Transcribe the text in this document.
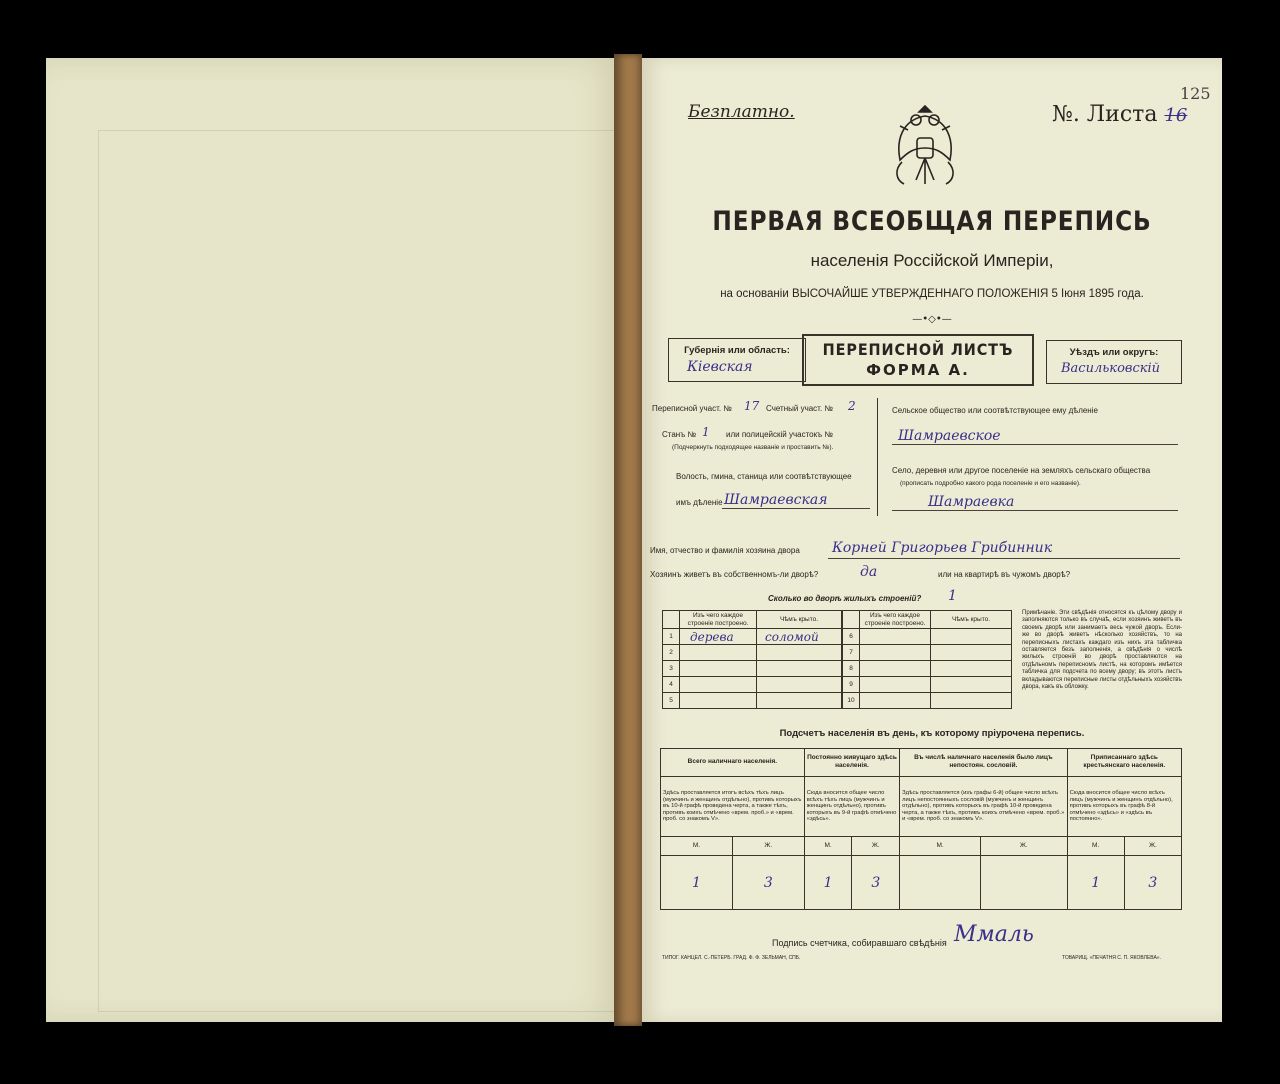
Безплатно.	№. Листа 16
125
ПЕРВАЯ ВСЕОБЩАЯ ПЕРЕПИСЬ
населенія Россійской Имперіи,
на основаніи ВЫСОЧАЙШЕ УТВЕРЖДЕННАГО ПОЛОЖЕНІЯ 5 Іюня 1895 года.
—•◇•—
Губернія или область:
Кіевская
ПЕРЕПИСНОЙ ЛИСТЪ
ФОРМА А.
Уѣздъ или округъ:
Васильковскій
Переписной участ. № 17 Счетный участ. № 2
Станъ № 1 или полицейскій участокъ №
(Подчеркнуть подходящее названіе и проставить №).
Волость, гмина, станица или соотвѣтствующее
имъ дѣленіе Шамраевская
Сельское общество или соотвѣтствующее ему дѣленіе
Шамраевское
Село, деревня или другое поселеніе на земляхъ сельскаго общества
(прописать подробно какого рода поселеніе и его названіе).
Шамраевка
Имя, отчество и фамилія хозяина двора Корней Григорьев Грибинник
Хозяинъ живетъ въ собственномъ-ли дворѣ?	да	или на квартирѣ въ чужомъ дворѣ?
Сколько во дворѣ жилыхъ строеній? 1
	Изъ чего каждое строеніе построено.	Чѣмъ крыто.
1	дерева	соломой
2		
3		
4		
5		
	Изъ чего каждое строеніе построено.	Чѣмъ крыто.
6		
7		
8		
9		
10		
Примѣчаніе. Эти свѣдѣнія относятся къ цѣлому двору и заполняются только въ случаѣ, если хозяинъ живетъ въ своемъ дворѣ или занимаетъ весь чужой дворъ. Если-же во дворѣ живетъ нѣсколько хозяйствъ, то на переписныхъ листахъ каждаго изъ нихъ эта табличка оставляется безъ заполненія, а свѣдѣнія о числѣ жилыхъ строеній во дворѣ проставляются на отдѣльномъ переписномъ листѣ, на которомъ имѣется табличка для подсчета по всему двору; въ этотъ листъ вкладываются переписные листы отдѣльныхъ хозяйствъ двора, какъ въ обложку.
Подсчетъ населенія въ день, къ которому пріурочена перепись.
Всего наличнаго населенія.		Постоянно живущаго здѣсь населенія.		Въ числѣ наличнаго населенія было лицъ непостоян. сословій.		Приписаннаго здѣсь крестьянскаго населенія.	
Здѣсь проставляется итогъ всѣхъ тѣхъ лицъ (мужчинъ и женщинъ отдѣльно), противъ которыхъ въ 10-й графѣ проведена черта, а также тѣхъ, противъ коихъ отмѣчено «врем. проб.» и «врем. проб. со знакомъ V».		Сюда вносится общее число всѣхъ тѣхъ лицъ (мужчинъ и женщинъ отдѣльно), противъ которыхъ въ 9-й графѣ отмѣчено «здѣсь».		Здѣсь проставляется (изъ графы 6-й) общее число всѣхъ лицъ непостоянныхъ сословій (мужчинъ и женщинъ отдѣльно), противъ которыхъ въ графѣ 10-й проведена черта, а также тѣхъ, противъ коихъ отмѣчено «врем. проб.» и «врем. проб. со знакомъ V».		Сюда вносится общее число всѣхъ лицъ (мужчинъ и женщинъ отдѣльно), противъ которыхъ въ графѣ 8-й отмѣчено «здѣсь» и «здѣсь въ постоянно».	
М.	Ж.	М.	Ж.	М.	Ж.	М.	Ж.
1	3	1	3			1	3
Подпись счетчика, собиравшаго свѣдѣнія Ммаль
ТИПОГ. КАНЦЕЛ. С.-ПЕТЕРБ. ГРАД. Ф. Ф. ЗЕЛЬМАН, СПБ.	ТОВАРИЩ. «ПЕЧАТНЯ С. П. ЯКОВЛЕВА».
